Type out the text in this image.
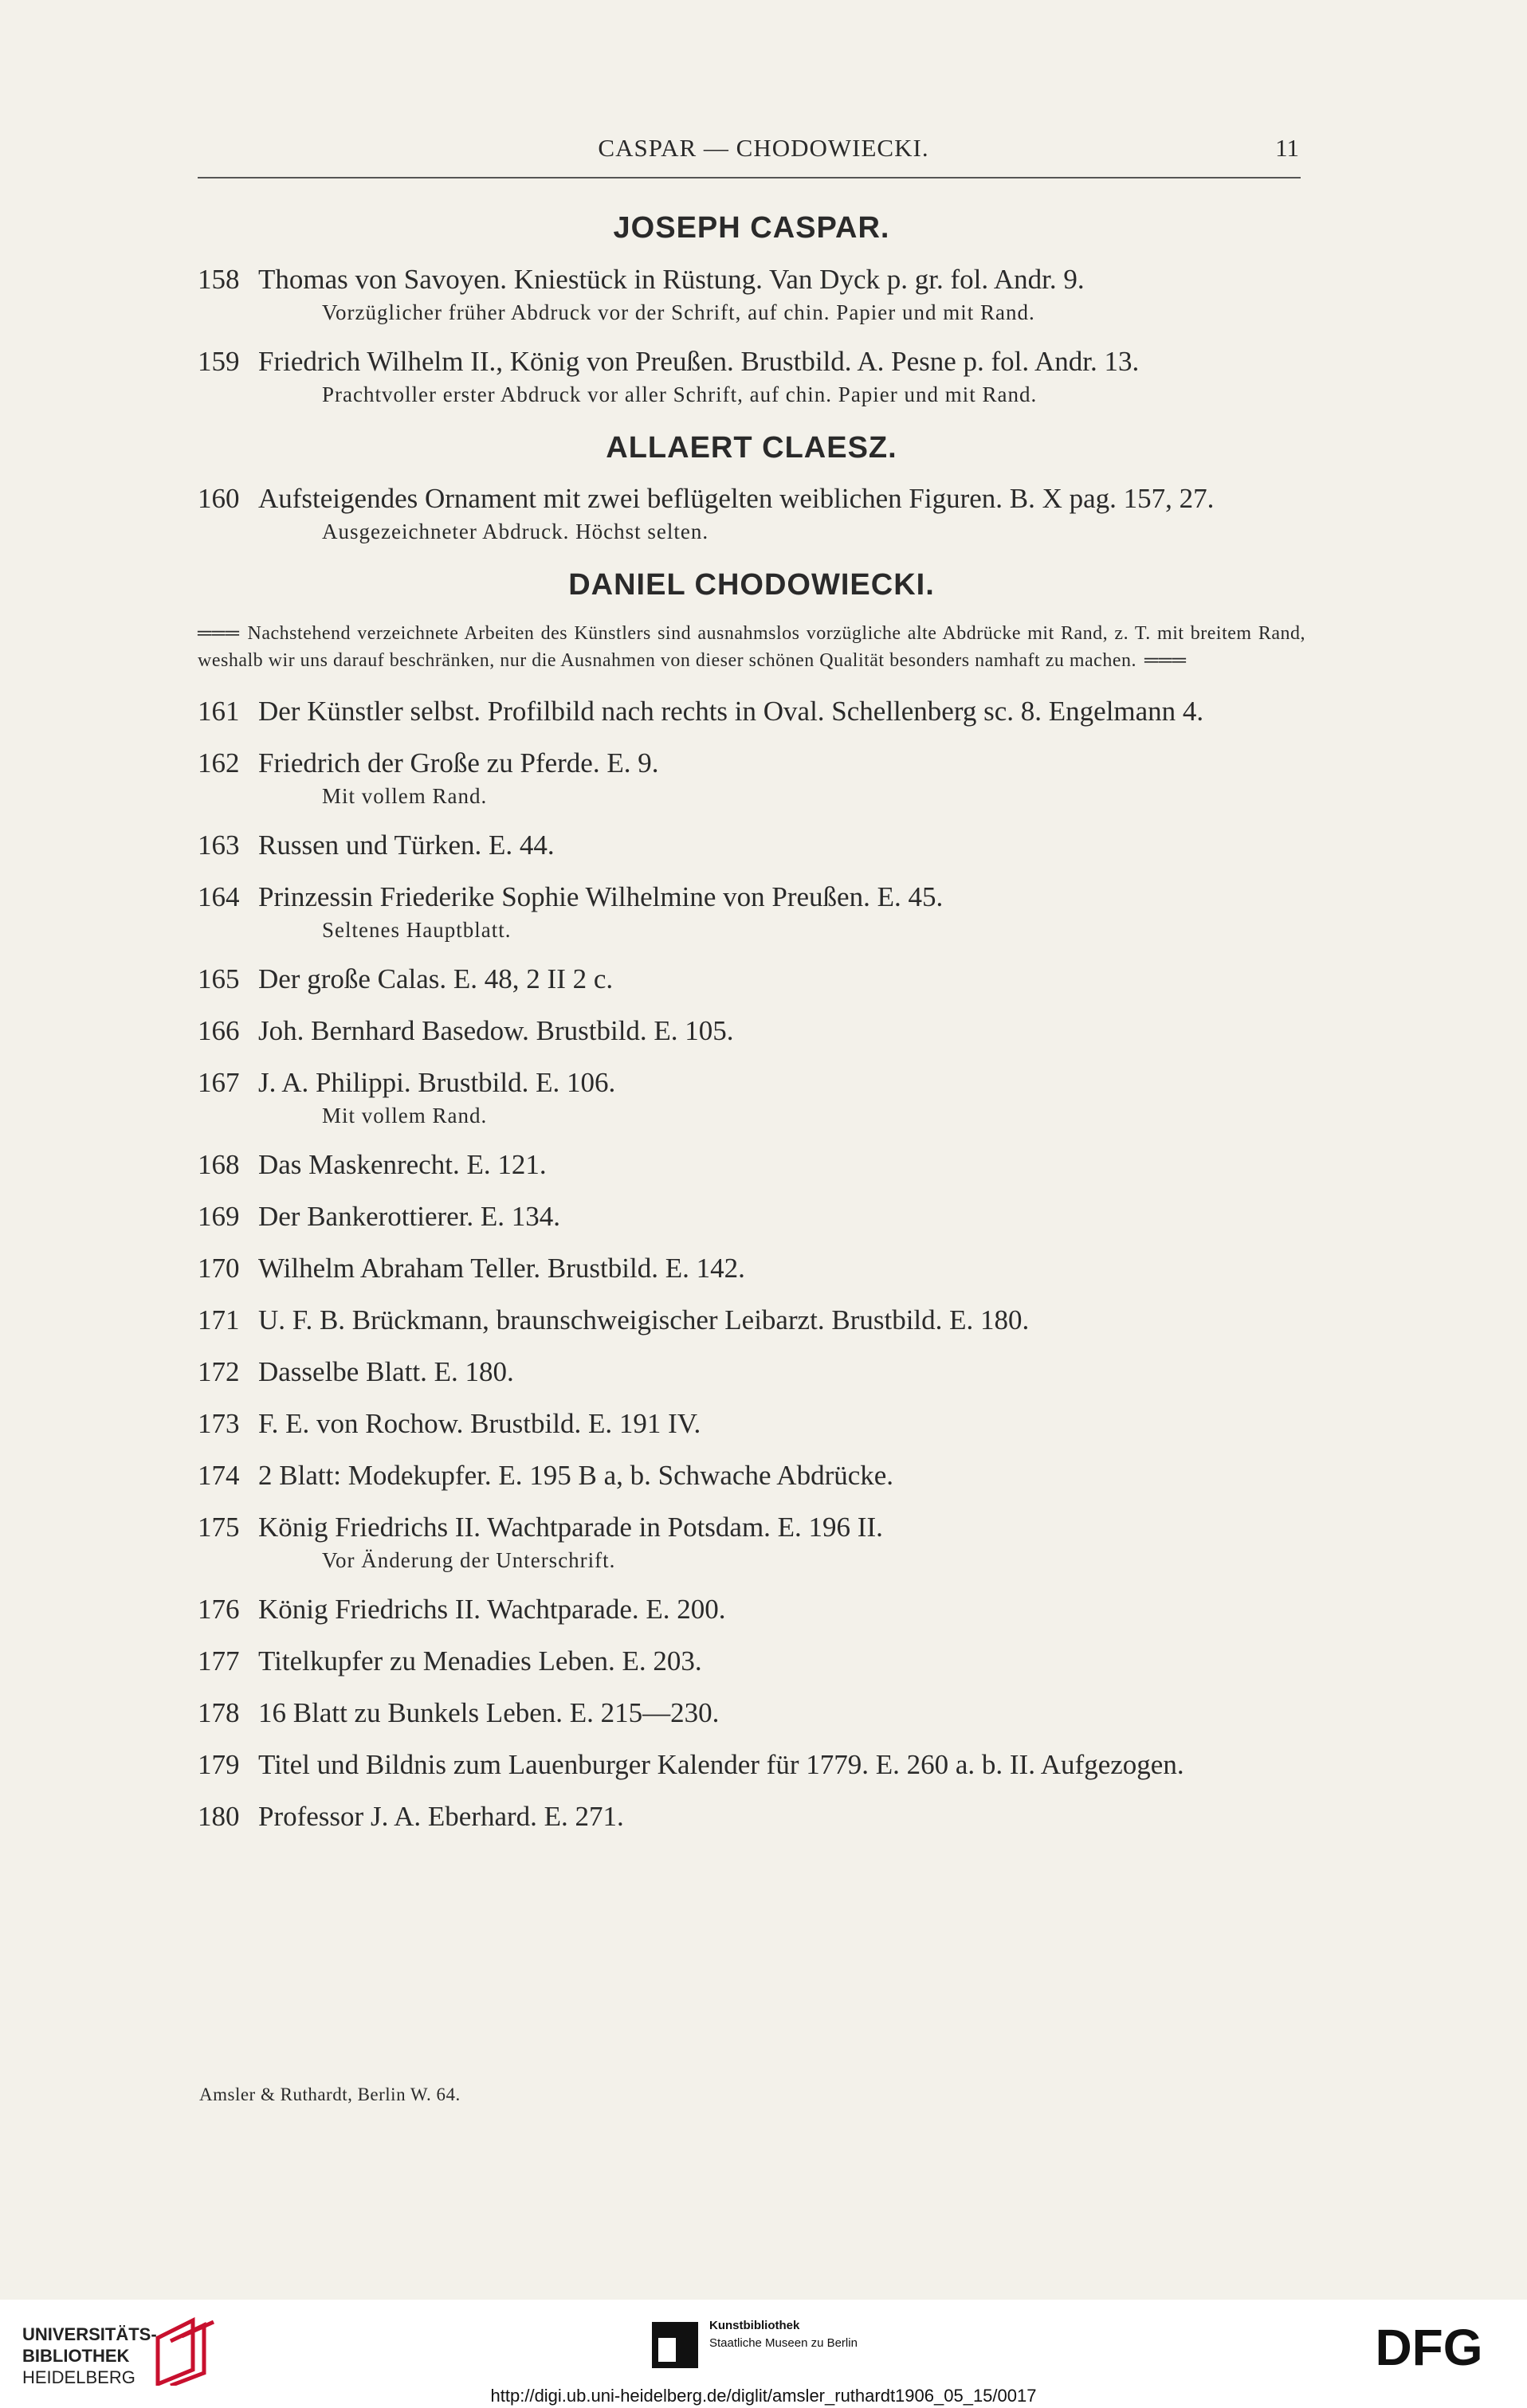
CASPAR — CHODOWIECKI.	11
JOSEPH CASPAR.
158 Thomas von Savoyen. Kniestück in Rüstung. Van Dyck p. gr. fol. Andr. 9.
Vorzüglicher früher Abdruck vor der Schrift, auf chin. Papier und mit Rand.
159 Friedrich Wilhelm II., König von Preußen. Brustbild. A. Pesne p. fol. Andr. 13.
Prachtvoller erster Abdruck vor aller Schrift, auf chin. Papier und mit Rand.
ALLAERT CLAESZ.
160 Aufsteigendes Ornament mit zwei beflügelten weiblichen Figuren. B. X pag. 157, 27.
Ausgezeichneter Abdruck. Höchst selten.
DANIEL CHODOWIECKI.
═══ Nachstehend verzeichnete Arbeiten des Künstlers sind ausnahmslos vorzügliche alte Abdrücke mit Rand, z. T. mit breitem Rand, weshalb wir uns darauf beschränken, nur die Ausnahmen von dieser schönen Qualität besonders namhaft zu machen. ═══
161 Der Künstler selbst. Profilbild nach rechts in Oval. Schellenberg sc. 8. Engelmann 4.
162 Friedrich der Große zu Pferde. E. 9.
Mit vollem Rand.
163 Russen und Türken. E. 44.
164 Prinzessin Friederike Sophie Wilhelmine von Preußen. E. 45.
Seltenes Hauptblatt.
165 Der große Calas. E. 48, 2 II 2 c.
166 Joh. Bernhard Basedow. Brustbild. E. 105.
167 J. A. Philippi. Brustbild. E. 106.
Mit vollem Rand.
168 Das Maskenrecht. E. 121.
169 Der Bankerottierer. E. 134.
170 Wilhelm Abraham Teller. Brustbild. E. 142.
171 U. F. B. Brückmann, braunschweigischer Leibarzt. Brustbild. E. 180.
172 Dasselbe Blatt. E. 180.
173 F. E. von Rochow. Brustbild. E. 191 IV.
174 2 Blatt: Modekupfer. E. 195 B a, b. Schwache Abdrücke.
175 König Friedrichs II. Wachtparade in Potsdam. E. 196 II.
Vor Änderung der Unterschrift.
176 König Friedrichs II. Wachtparade. E. 200.
177 Titelkupfer zu Menadies Leben. E. 203.
178 16 Blatt zu Bunkels Leben. E. 215—230.
179 Titel und Bildnis zum Lauenburger Kalender für 1779. E. 260 a. b. II. Aufgezogen.
180 Professor J. A. Eberhard. E. 271.
Amsler & Ruthardt, Berlin W. 64.
UNIVERSITÄTS-
BIBLIOTHEK
HEIDELBERG
Kunstbibliothek
Staatliche Museen zu Berlin	DFG
http://digi.ub.uni-heidelberg.de/diglit/amsler_ruthardt1906_05_15/0017
